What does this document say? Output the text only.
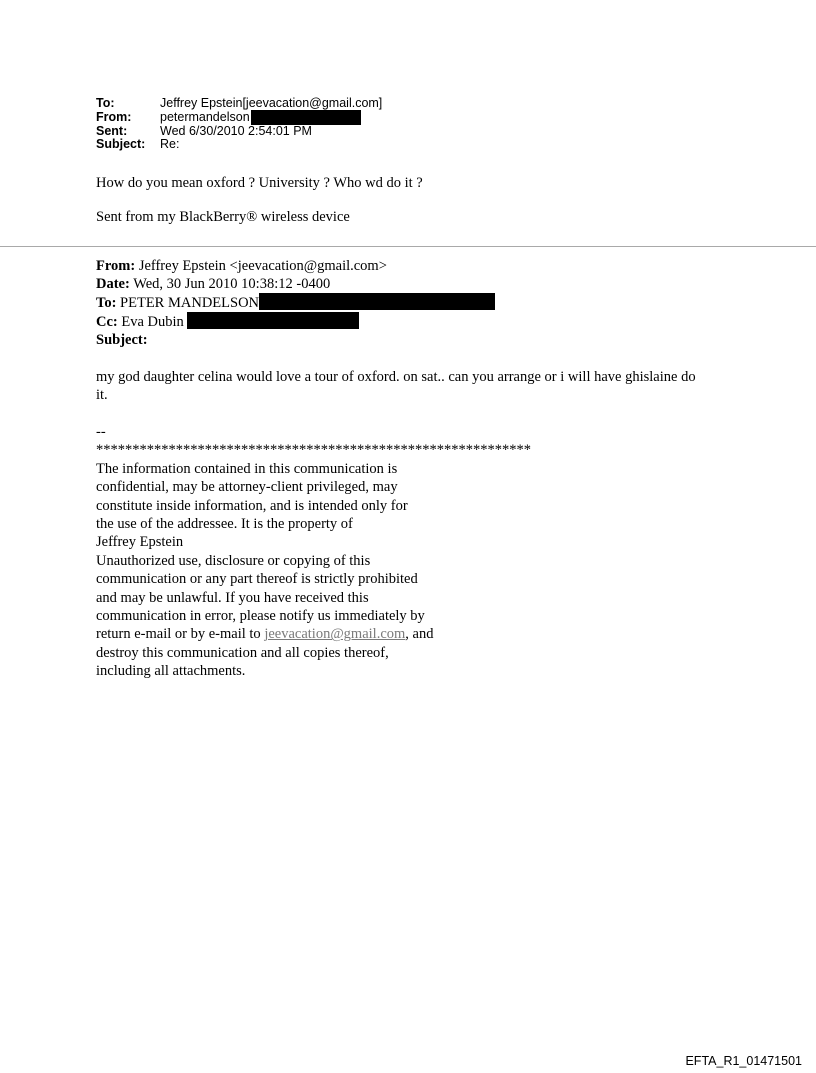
To:	Jeffrey Epstein[jeevacation@gmail.com]
From:	petermandelson
Sent:	Wed 6/30/2010 2:54:01 PM
Subject:	Re:
How do you mean oxford ? University ? Who wd do it ?
Sent from my BlackBerry® wireless device
From: Jeffrey Epstein <jeevacation@gmail.com>
Date: Wed, 30 Jun 2010 10:38:12 -0400
To: PETER MANDELSON
Cc: Eva Dubin
Subject:
my god daughter celina would love a tour of oxford. on sat.. can you arrange or i will have ghislaine do it.
--
************************************************************
The information contained in this communication is
confidential, may be attorney-client privileged, may
constitute inside information, and is intended only for
the use of the addressee. It is the property of
Jeffrey Epstein
Unauthorized use, disclosure or copying of this
communication or any part thereof is strictly prohibited
and may be unlawful. If you have received this
communication in error, please notify us immediately by
return e-mail or by e-mail to jeevacation@gmail.com, and
destroy this communication and all copies thereof,
including all attachments.
EFTA_R1_01471501
